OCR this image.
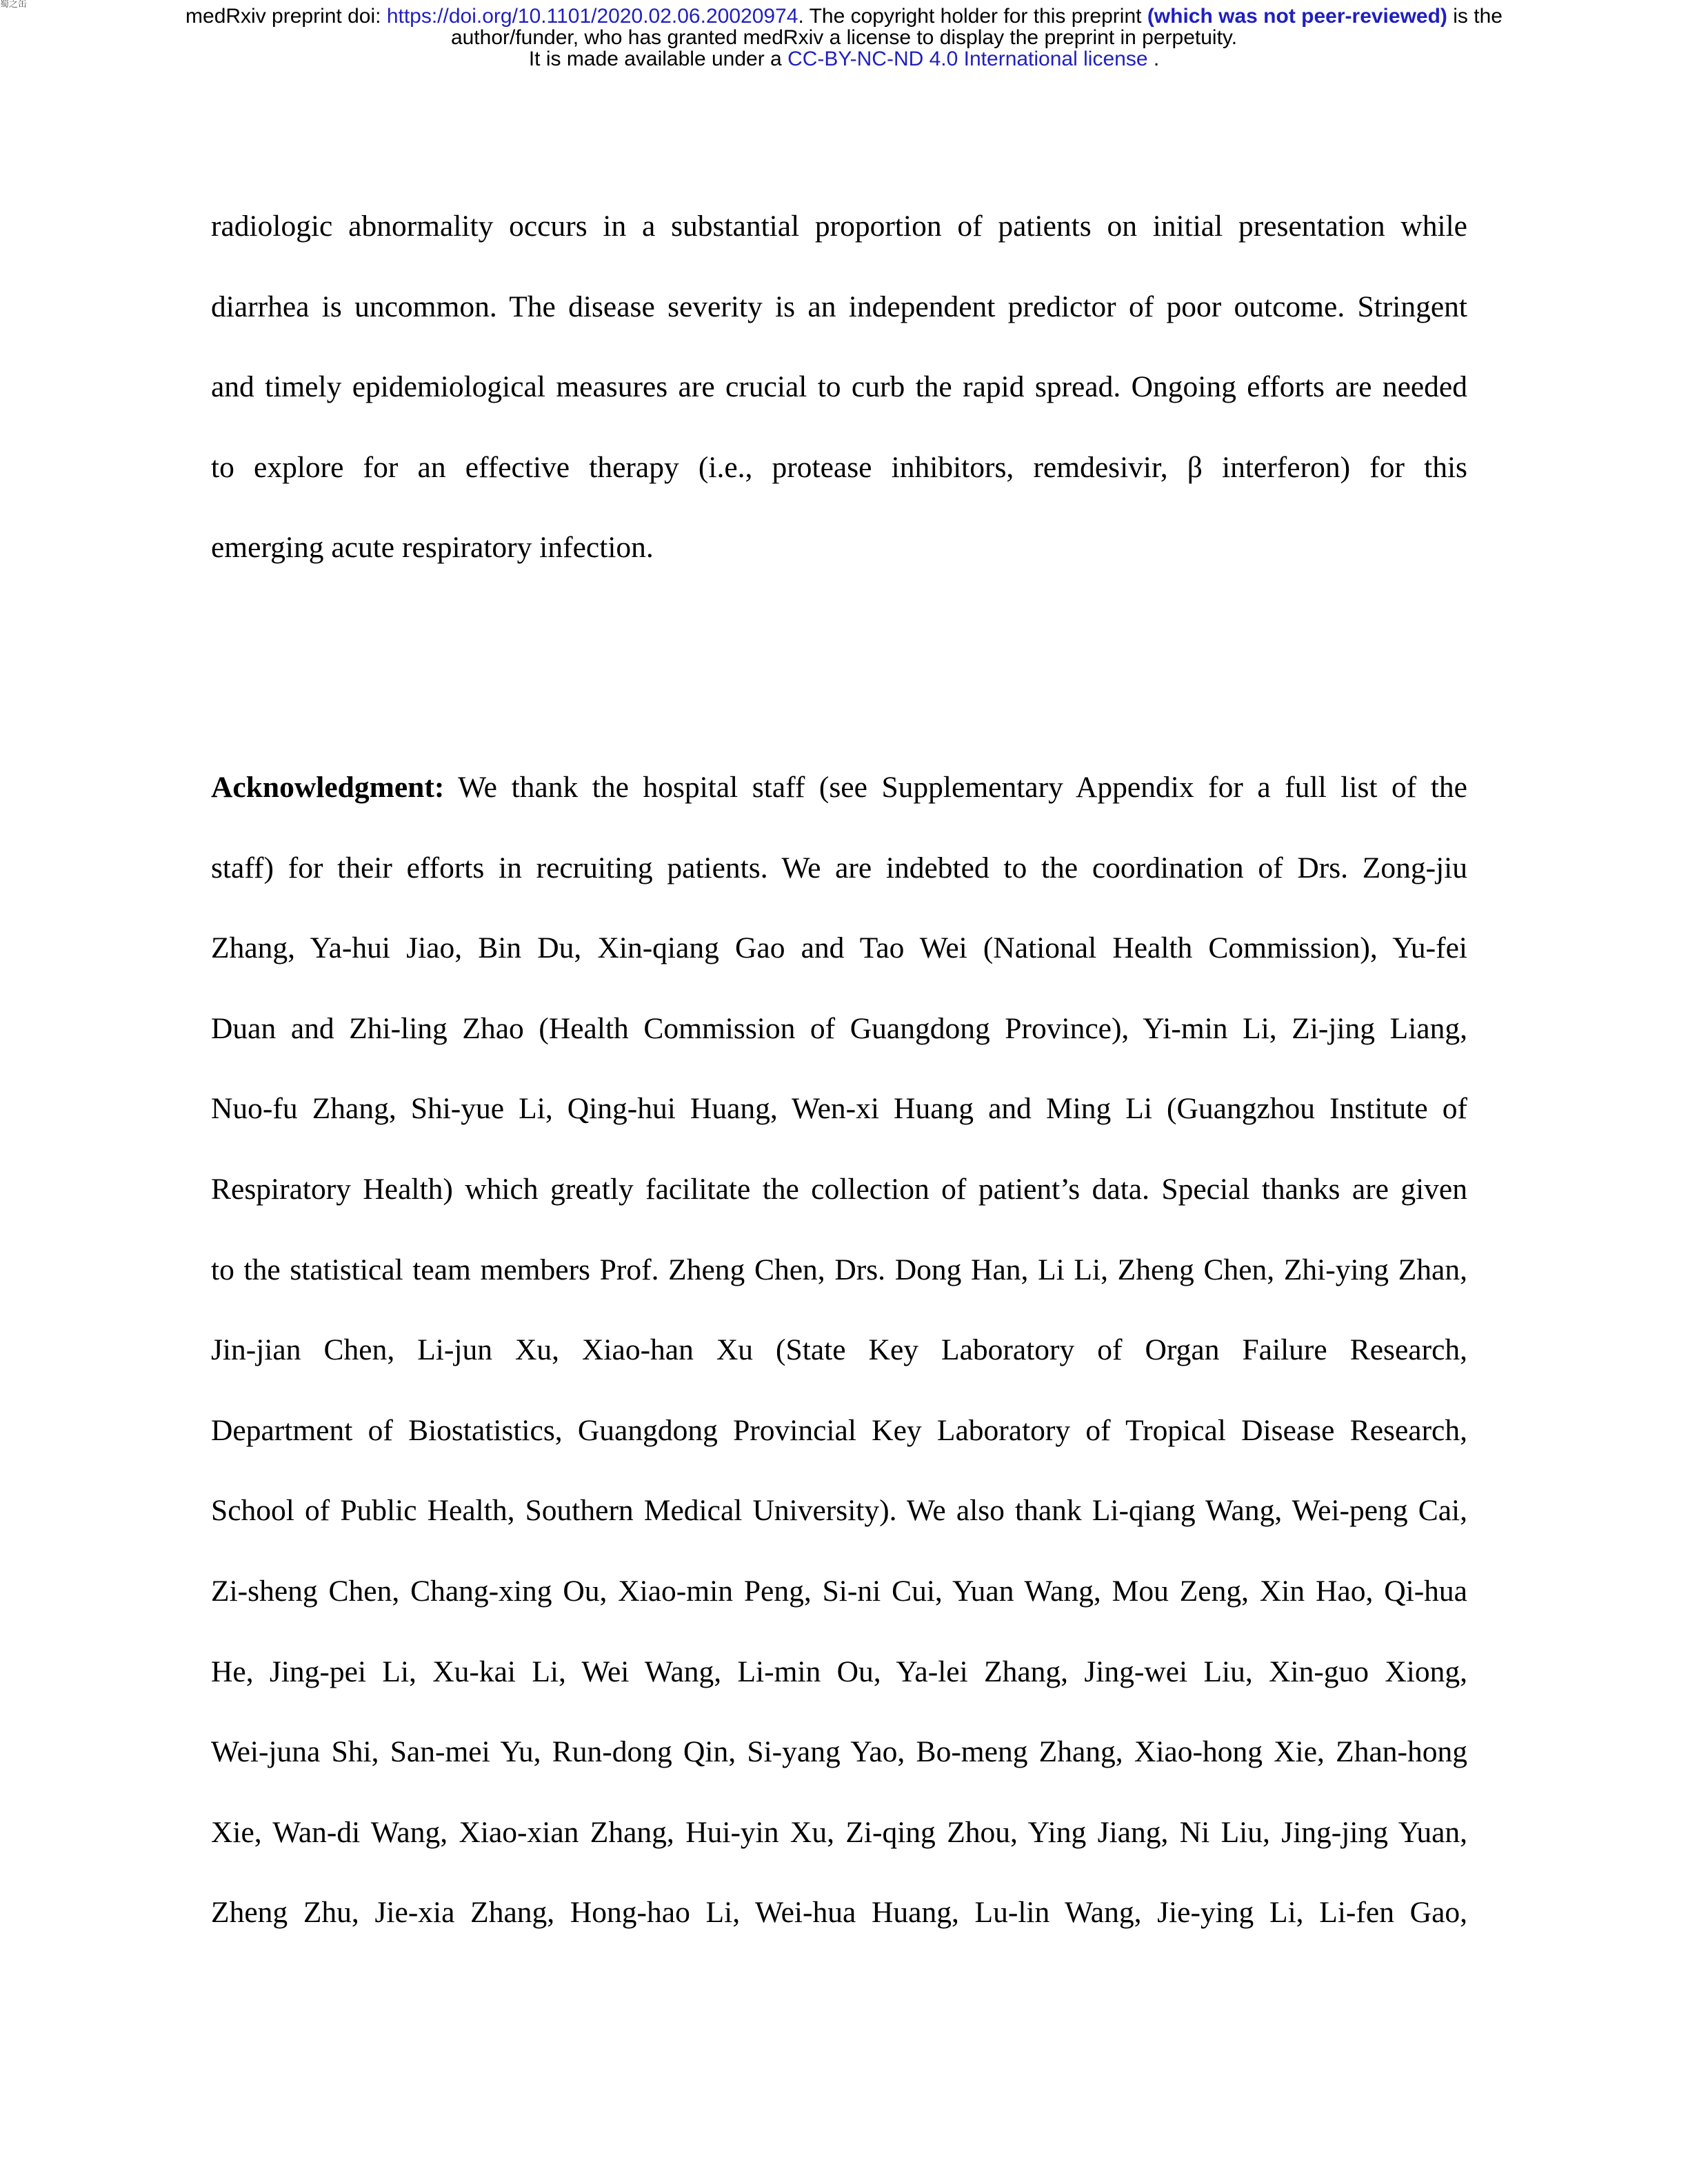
蜀之缶
medRxiv preprint doi: https://doi.org/10.1101/2020.02.06.20020974. The copyright holder for this preprint (which was not peer-reviewed) is the
author/funder, who has granted medRxiv a license to display the preprint in perpetuity.
It is made available under a CC-BY-NC-ND 4.0 International license .
radiologic abnormality occurs in a substantial proportion of patients on initial presentation while
diarrhea is uncommon. The disease severity is an independent predictor of poor outcome. Stringent
and timely epidemiological measures are crucial to curb the rapid spread. Ongoing efforts are needed
to explore for an effective therapy (i.e., protease inhibitors, remdesivir, β interferon) for this
emerging acute respiratory infection.
Acknowledgment: We thank the hospital staff (see Supplementary Appendix for a full list of the
staff) for their efforts in recruiting patients. We are indebted to the coordination of Drs. Zong-jiu
Zhang, Ya-hui Jiao, Bin Du, Xin-qiang Gao and Tao Wei (National Health Commission), Yu-fei
Duan and Zhi-ling Zhao (Health Commission of Guangdong Province), Yi-min Li, Zi-jing Liang,
Nuo-fu Zhang, Shi-yue Li, Qing-hui Huang, Wen-xi Huang and Ming Li (Guangzhou Institute of
Respiratory Health) which greatly facilitate the collection of patient’s data. Special thanks are given
to the statistical team members Prof. Zheng Chen, Drs. Dong Han, Li Li, Zheng Chen, Zhi-ying Zhan,
Jin-jian Chen, Li-jun Xu, Xiao-han Xu (State Key Laboratory of Organ Failure Research,
Department of Biostatistics, Guangdong Provincial Key Laboratory of Tropical Disease Research,
School of Public Health, Southern Medical University). We also thank Li-qiang Wang, Wei-peng Cai,
Zi-sheng Chen, Chang-xing Ou, Xiao-min Peng, Si-ni Cui, Yuan Wang, Mou Zeng, Xin Hao, Qi-hua
He, Jing-pei Li, Xu-kai Li, Wei Wang, Li-min Ou, Ya-lei Zhang, Jing-wei Liu, Xin-guo Xiong,
Wei-juna Shi, San-mei Yu, Run-dong Qin, Si-yang Yao, Bo-meng Zhang, Xiao-hong Xie, Zhan-hong
Xie, Wan-di Wang, Xiao-xian Zhang, Hui-yin Xu, Zi-qing Zhou, Ying Jiang, Ni Liu, Jing-jing Yuan,
Zheng Zhu, Jie-xia Zhang, Hong-hao Li, Wei-hua Huang, Lu-lin Wang, Jie-ying Li, Li-fen Gao,
